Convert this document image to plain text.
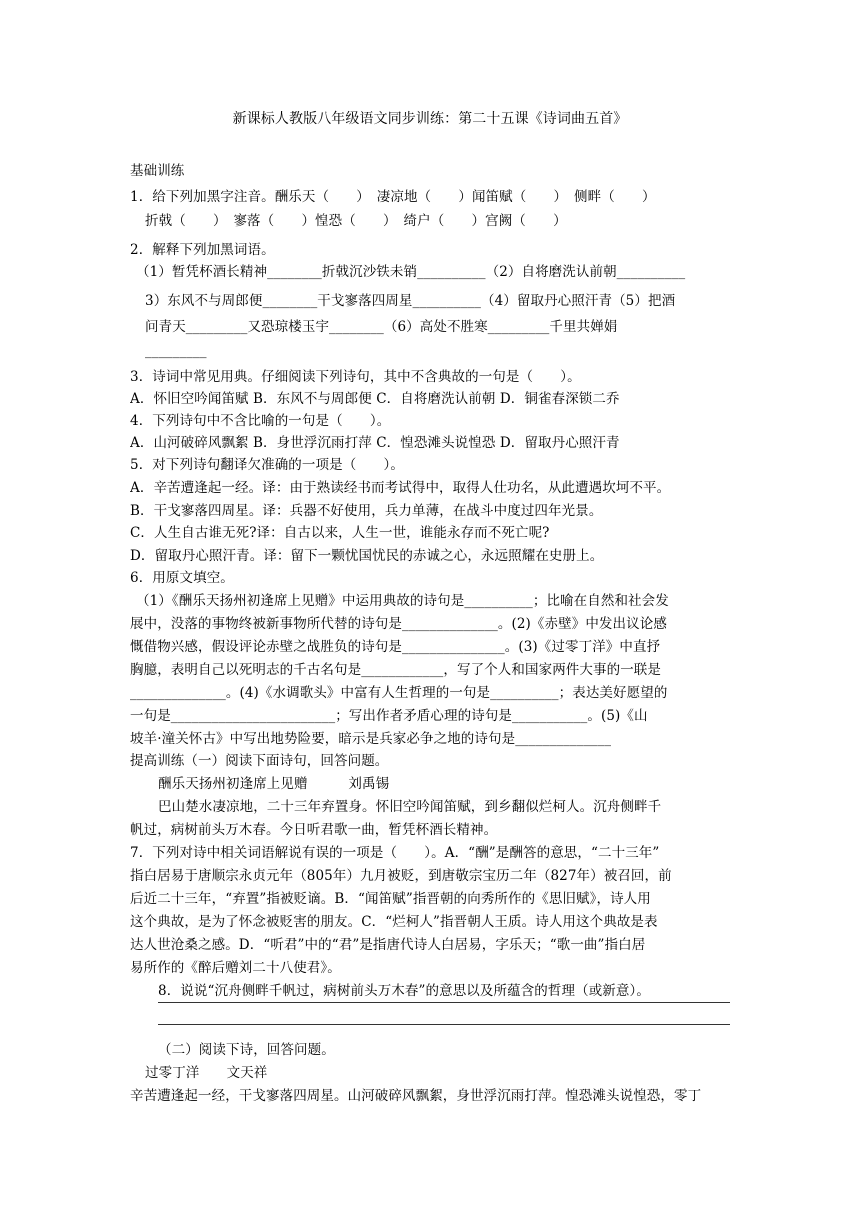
新课标人教版八年级语文同步训练：第二十五课《诗词曲五首》
基础训练
1．给下列加黑字注音。酬乐天（　　）　凄凉地（　　）闻笛赋（　　）　侧畔（　　）
折戟（　　）　寥落（　　）惶恐（　　）　绮户（　　）宫阙（　　）
2．解释下列加黑词语。
（1）暂凭杯酒长精神________折戟沉沙铁未销__________（2）自将磨洗认前朝__________
3）东风不与周郎便________干戈寥落四周星__________（4）留取丹心照汗青（5）把酒
问青天_________又恐琼楼玉宇________（6）高处不胜寒_________千里共婵娟
_________
3．诗词中常见用典。仔细阅读下列诗句，其中不含典故的一句是（　　）。
A．怀旧空吟闻笛赋 B．东风不与周郎便 C．自将磨洗认前朝 D．铜雀春深锁二乔
4．下列诗句中不含比喻的一句是（　　）。
A．山河破碎风飘絮 B．身世浮沉雨打萍 C．惶恐滩头说惶恐 D．留取丹心照汗青
5．对下列诗句翻译欠准确的一项是（　　）。
A．辛苦遭逢起一经。译：由于熟读经书而考试得中，取得人仕功名，从此遭遇坎坷不平。
B．干戈寥落四周星。译：兵器不好使用，兵力单薄，在战斗中度过四年光景。
C．人生自古谁无死?译：自古以来，人生一世，谁能永存而不死亡呢?
D．留取丹心照汗青。译：留下一颗忧国忧民的赤诚之心，永远照耀在史册上。
6．用原文填空。
（1）《酬乐天扬州初逢席上见赠》中运用典故的诗句是__________；比喻在自然和社会发
展中，没落的事物终被新事物所代替的诗句是______________。(2)《赤壁》中发出议论感
慨借物兴感，假设评论赤壁之战胜负的诗句是_______________。(3)《过零丁洋》中直抒
胸臆，表明自己以死明志的千古名句是____________，写了个人和国家两件大事的一联是
______________。(4)《水调歌头》中富有人生哲理的一句是__________；表达美好愿望的
一句是________________________；写出作者矛盾心理的诗句是___________。(5)《山
坡羊·潼关怀古》中写出地势险要，暗示是兵家必争之地的诗句是______________
提高训练（一）阅读下面诗句，回答问题。
酬乐天扬州初逢席上见赠　　　刘禹锡
巴山楚水凄凉地，二十三年弃置身。怀旧空吟闻笛赋，到乡翻似烂柯人。沉舟侧畔千
帆过，病树前头万木春。今日听君歌一曲，暂凭杯酒长精神。
7．下列对诗中相关词语解说有误的一项是（　　）。A．“酬”是酬答的意思，“二十三年”
指白居易于唐顺宗永贞元年（805年）九月被贬，到唐敬宗宝历二年（827年）被召回，前
后近二十三年，“弃置”指被贬谪。B．“闻笛赋”指晋朝的向秀所作的《思旧赋》，诗人用
这个典故，是为了怀念被贬害的朋友。C．“烂柯人”指晋朝人王质。诗人用这个典故是表
达人世沧桑之感。D．“听君”中的“君”是指唐代诗人白居易，字乐天；“歌一曲”指白居
易所作的《醉后赠刘二十八使君》。
8．说说“沉舟侧畔千帆过，病树前头万木春”的意思以及所蕴含的哲理（或新意）。
（二）阅读下诗，回答问题。
过零丁洋　　文天祥
辛苦遭逢起一经，干戈寥落四周星。山河破碎风飘絮，身世浮沉雨打萍。惶恐滩头说惶恐，零丁
